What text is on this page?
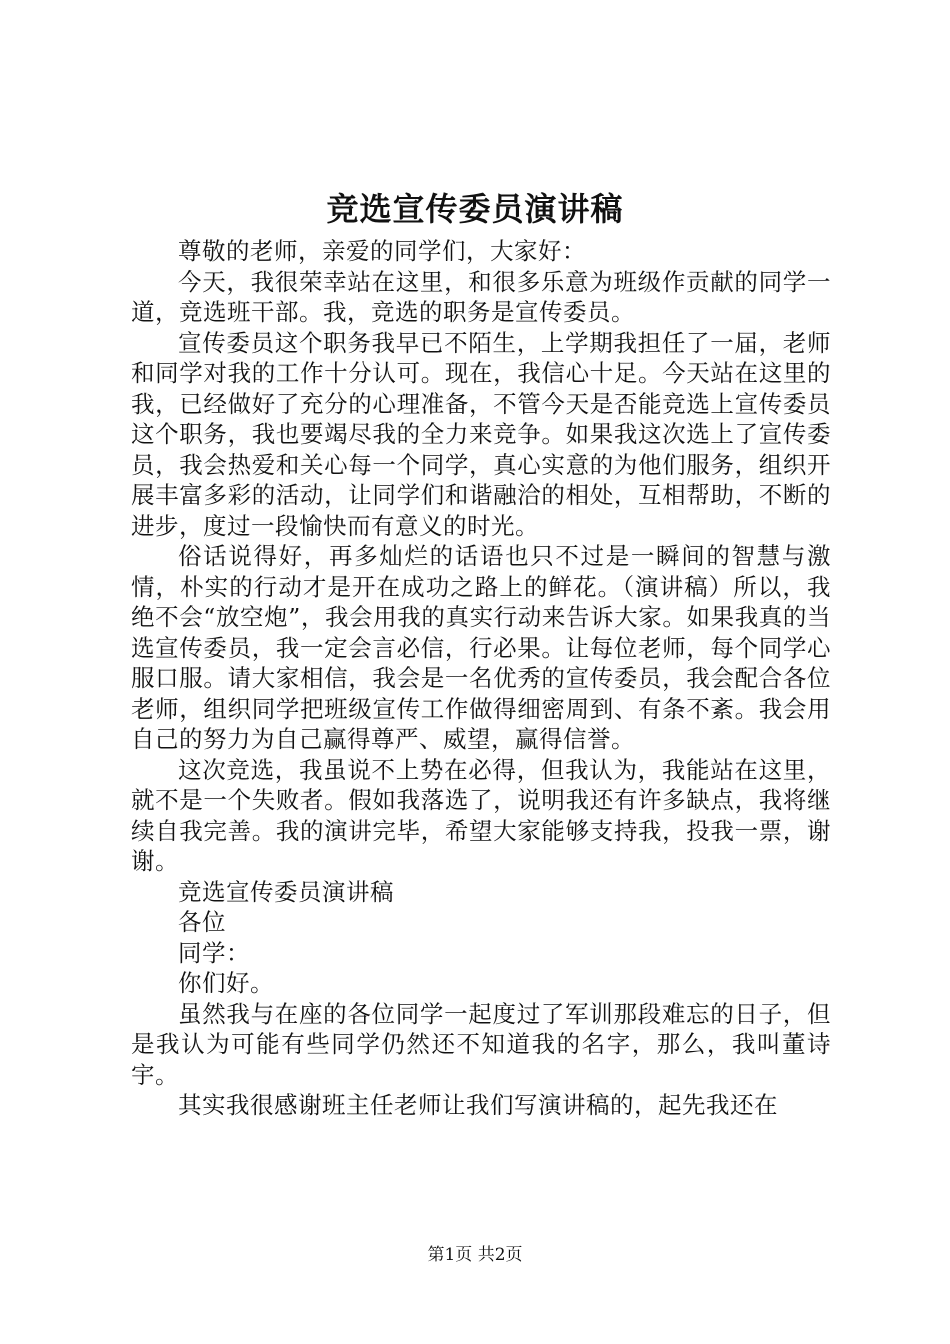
竞选宣传委员演讲稿

尊敬的老师，亲爱的同学们，大家好：

今天，我很荣幸站在这里，和很多乐意为班级作贡献的同学一道，竞选班干部。我，竞选的职务是宣传委员。

宣传委员这个职务我早已不陌生，上学期我担任了一届，老师和同学对我的工作十分认可。现在，我信心十足。今天站在这里的我，已经做好了充分的心理准备，不管今天是否能竞选上宣传委员这个职务，我也要竭尽我的全力来竞争。如果我这次选上了宣传委员，我会热爱和关心每一个同学，真心实意的为他们服务，组织开展丰富多彩的活动，让同学们和谐融洽的相处，互相帮助，不断的进步，度过一段愉快而有意义的时光。

俗话说得好，再多灿烂的话语也只不过是一瞬间的智慧与激情，朴实的行动才是开在成功之路上的鲜花。（演讲稿）所以，我绝不会“放空炮”，我会用我的真实行动来告诉大家。如果我真的当选宣传委员，我一定会言必信，行必果。让每位老师，每个同学心服口服。请大家相信，我会是一名优秀的宣传委员，我会配合各位老师，组织同学把班级宣传工作做得细密周到、有条不紊。我会用自己的努力为自己赢得尊严、威望，赢得信誉。

这次竞选，我虽说不上势在必得，但我认为，我能站在这里，就不是一个失败者。假如我落选了，说明我还有许多缺点，我将继续自我完善。我的演讲完毕，希望大家能够支持我，投我一票，谢谢。

竞选宣传委员演讲稿

各位

同学：

你们好。

虽然我与在座的各位同学一起度过了军训那段难忘的日子，但是我认为可能有些同学仍然还不知道我的名字，那么，我叫董诗宇。

其实我很感谢班主任老师让我们写演讲稿的，起先我还在

第1页 共2页
